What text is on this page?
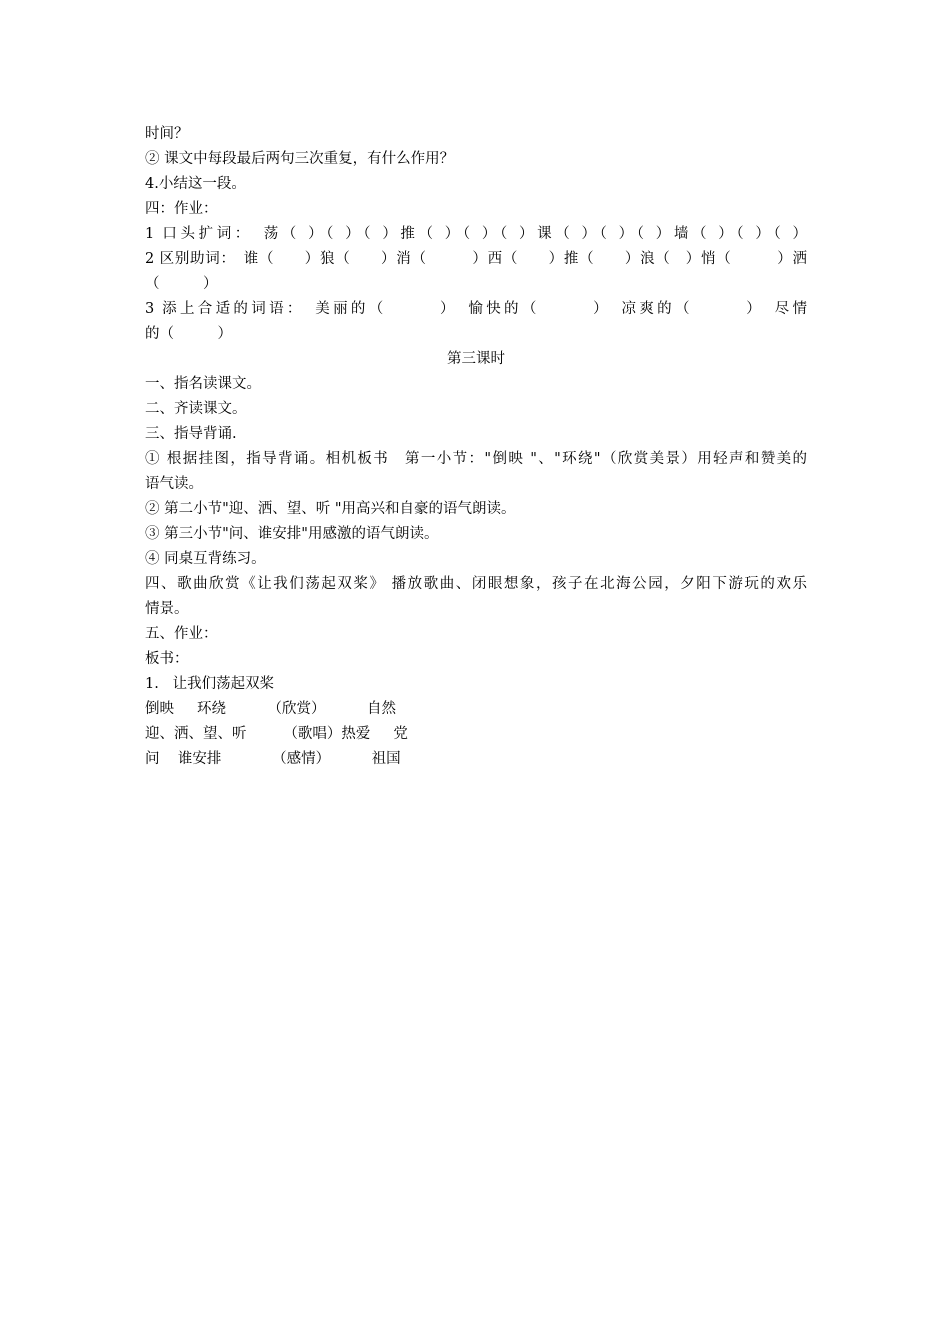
时间？
② 课文中每段最后两句三次重复，有什么作用？
4.小结这一段。
四：作业：
1 口头扩词：　荡（ ）（ ）（ ）推（ ）（ ）（ ）课（ ）（ ）（ ）墙（ ）（ ）（ ）
2 区别助词：　谁（　　）狼（　　）消（　　　）西（　　）推（　　）浪（　）悄（　　　）洒
（　　　）
3 添上合适的词语：　美丽的（　　　）　愉快的（　　　）　凉爽的（　　　）　尽情
的（　　　）
第三课时
一、指名读课文。
二、齐读课文。
三、指导背诵.
① 根据挂图，指导背诵。相机板书　第一小节："倒映 "、"环绕"（欣赏美景）用轻声和赞美的
语气读。
② 第二小节"迎、洒、望、听 "用高兴和自豪的语气朗读。
③ 第三小节"问、谁安排"用感激的语气朗读。
④ 同桌互背练习。
四、歌曲欣赏《让我们荡起双桨》 播放歌曲、闭眼想象，孩子在北海公园，夕阳下游玩的欢乐
情景。
五、作业：
板书：
1.   让我们荡起双桨
倒映     环绕         （欣赏）         自然
迎、洒、望、听        （歌唱）热爱     党
问    谁安排           （感情）         祖国
